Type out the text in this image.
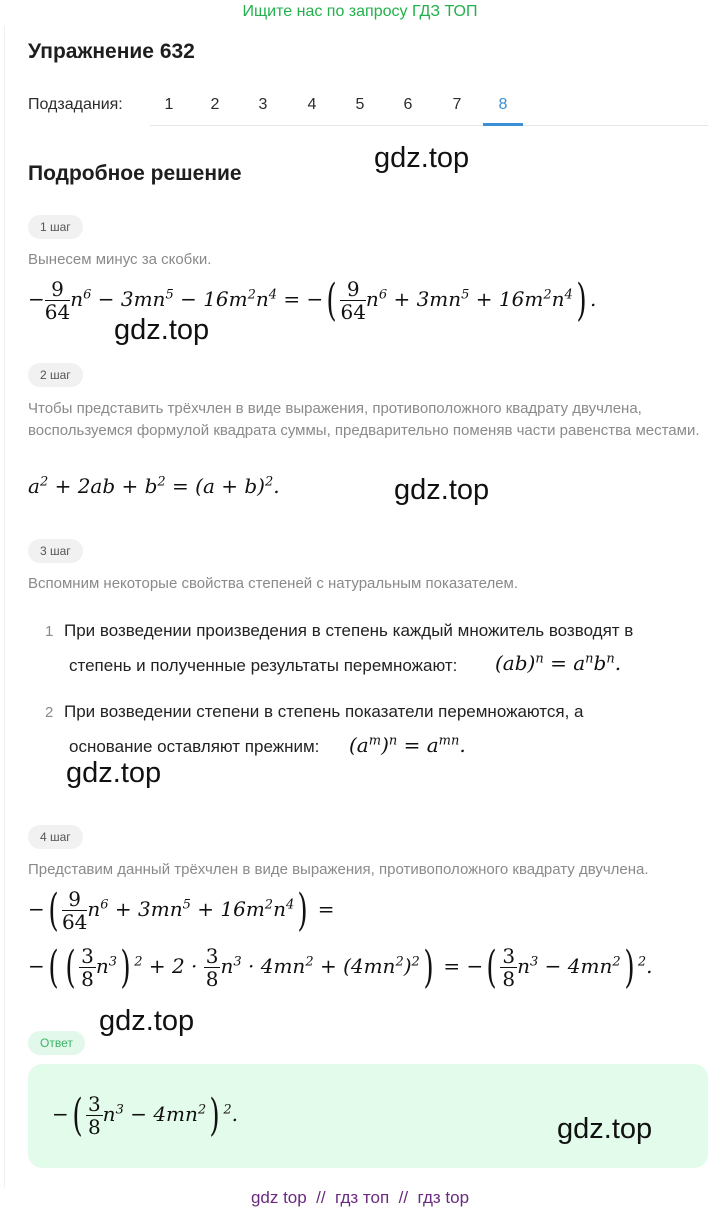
Ищите нас по запросу ГДЗ ТОП
Упражнение 632
Подзадания:	1	2	3	4	5	6	7	8
Подробное решение	gdz.top
1 шаг
Вынесем минус за скобки.
− $\frac{9}{64} n^6 - 3mn^5 - 16m^2n^4$ = −( $\frac{9}{64} n^6 + 3mn^5 + 16m^2n^4$) .
gdz.top
2 шаг
Чтобы представить трёхчлен в виде выражения, противоположного квадрату двучлена, воспользуемся формулой квадрата суммы, предварительно поменяв части равенства местами.
$a^2 + 2ab + b^2 = (a + b)^2$.	gdz.top
3 шаг
Вспомним некоторые свойства степеней с натуральным показателем.
1 При возведении произведения в степень каждый множитель возводят в
степень и полученные результаты перемножают: $(ab)^n = a^nb^n$.
2 При возведении степени в степень показатели перемножаются, а
основание оставляют прежним: $(a^m)^n = a^{mn}$.
gdz.top
4 шаг
Представим данный трёхчлен в виде выражения, противоположного квадрату двучлена.
−( $\frac{9}{64} n^6 + 3mn^5 + 16m^2n^4$) =
−( ( $\frac{3}{8} n^3$) $^2 + 2 \cdot \frac{3}{8} n^3 \cdot 4mn^2 + (4mn^2)^2$) = −( $\frac{3}{8} n^3 - 4mn^2$) $^2$.
gdz.top
Ответ
−( $\frac{3}{8} n^3 - 4mn^2$) $^2$.	gdz.top
gdz top  //  гдз топ  //  гдз top
